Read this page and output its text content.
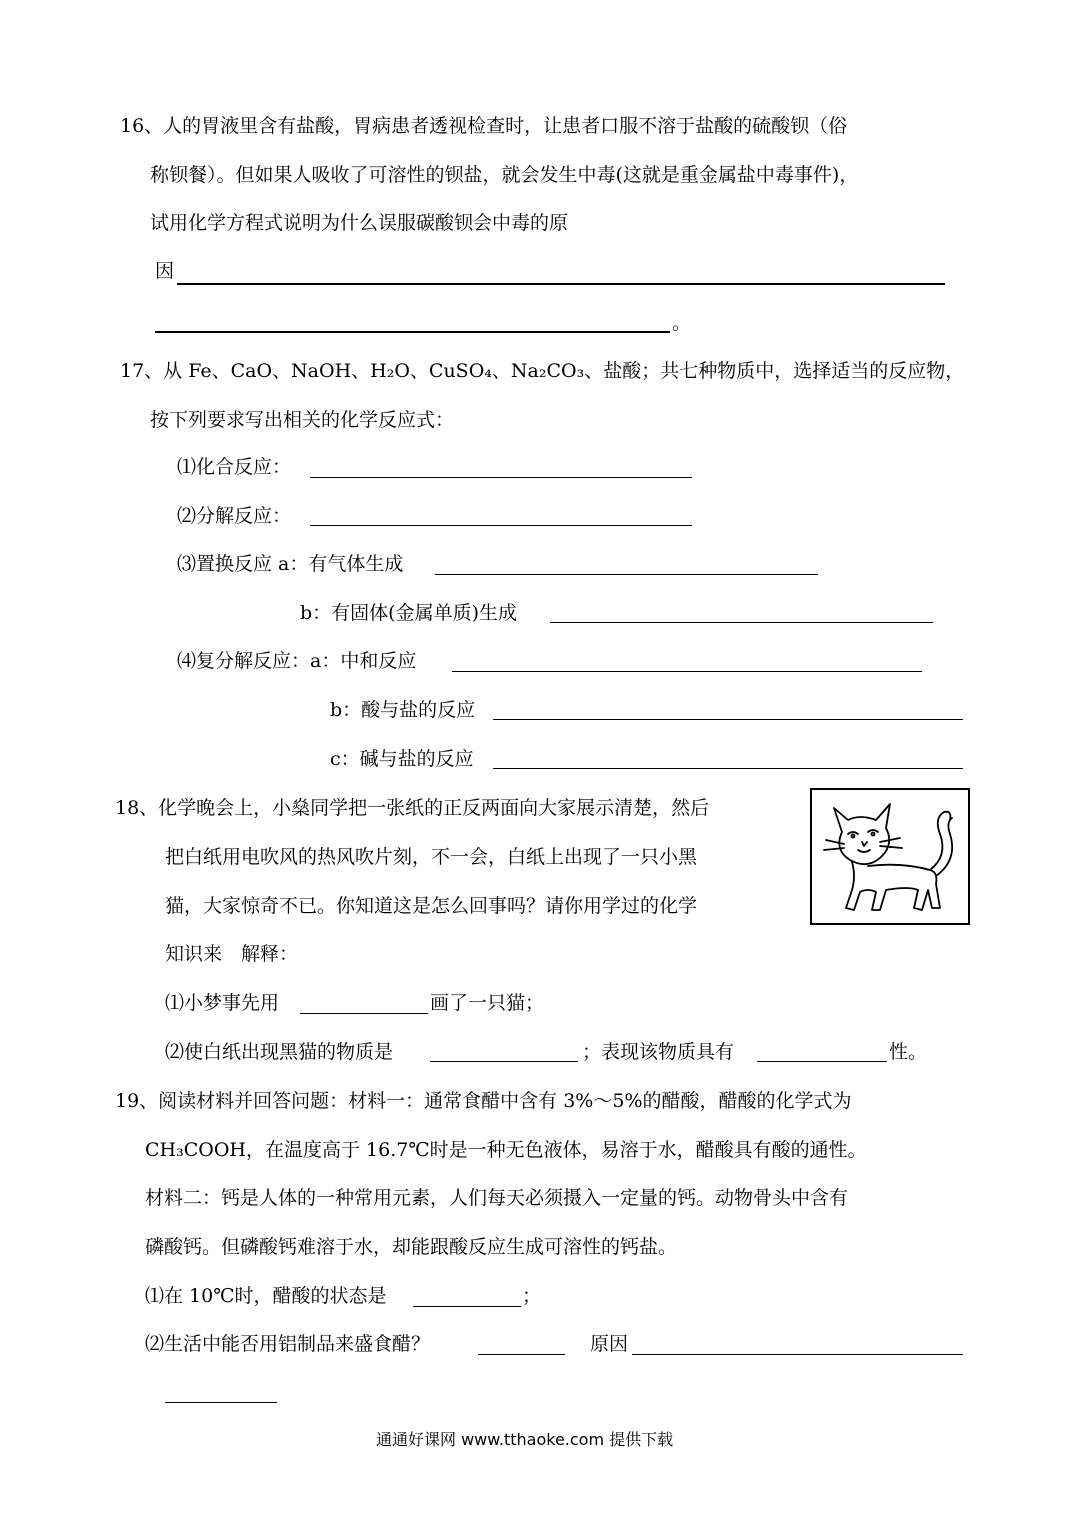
16、人的胃液里含有盐酸，胃病患者透视检查时，让患者口服不溶于盐酸的硫酸钡（俗
称钡餐）。但如果人吸收了可溶性的钡盐，就会发生中毒(这就是重金属盐中毒事件)，
试用化学方程式说明为什么误服碳酸钡会中毒的原
因
。
17、从 Fe、CaO、NaOH、H₂O、CuSO₄、Na₂CO₃、盐酸；共七种物质中，选择适当的反应物，
按下列要求写出相关的化学反应式：
⑴化合反应：
⑵分解反应：
⑶置换反应 a：有气体生成
b：有固体(金属单质)生成
⑷复分解反应：a：中和反应
b：酸与盐的反应
c：碱与盐的反应
18、化学晚会上，小燊同学把一张纸的正反两面向大家展示清楚，然后
把白纸用电吹风的热风吹片刻，不一会，白纸上出现了一只小黑
猫，大家惊奇不已。你知道这是怎么回事吗？请你用学过的化学
知识来　解释：
⑴小梦事先用	画了一只猫；
⑵使白纸出现黑猫的物质是	；表现该物质具有	性。
19、阅读材料并回答问题：材料一：通常食醋中含有 3%～5%的醋酸，醋酸的化学式为
CH₃COOH，在温度高于 16.7℃时是一种无色液体，易溶于水，醋酸具有酸的通性。
材料二：钙是人体的一种常用元素，人们每天必须摄入一定量的钙。动物骨头中含有
磷酸钙。但磷酸钙难溶于水，却能跟酸反应生成可溶性的钙盐。
⑴在 10℃时，醋酸的状态是	；
⑵生活中能否用铝制品来盛食醋？	原因
通通好课网 www.tthaoke.com 提供下载
